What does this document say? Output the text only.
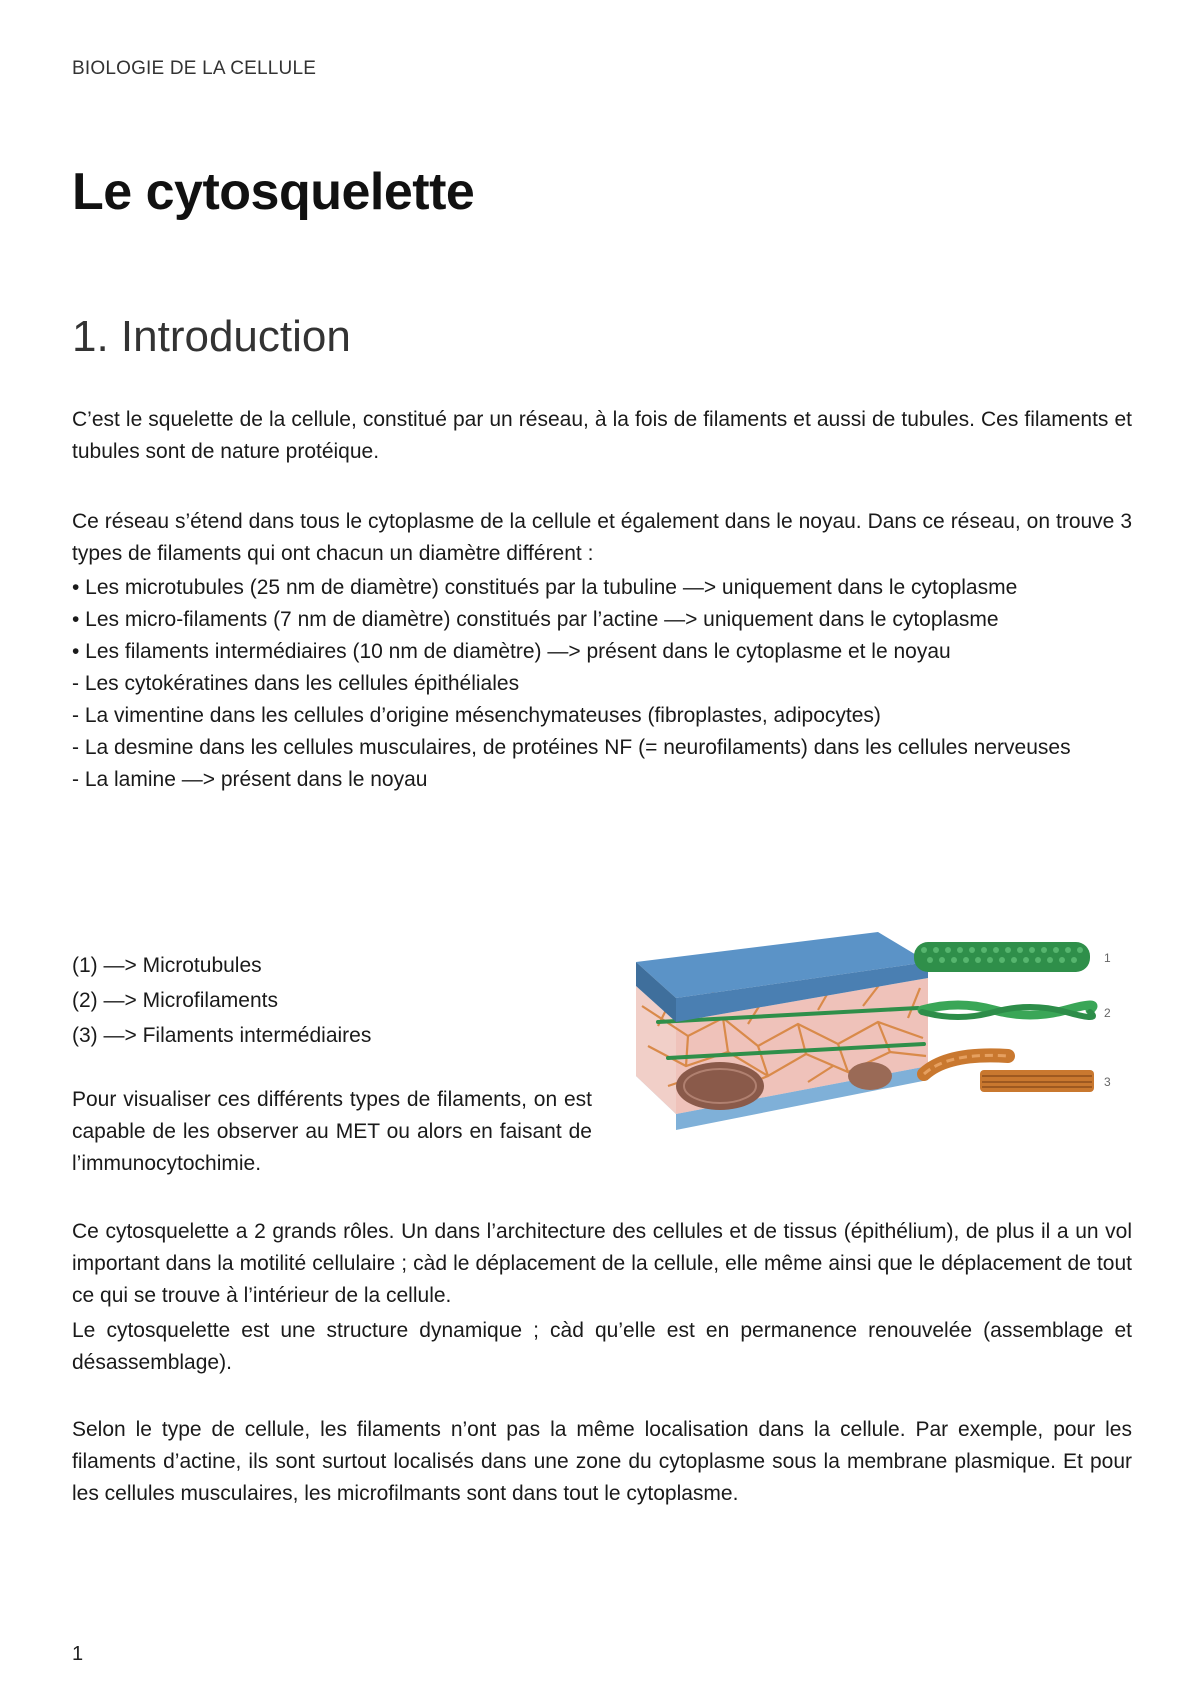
BIOLOGIE DE LA CELLULE
Le cytosquelette
1. Introduction

C’est le squelette de la cellule, constitué par un réseau, à la fois de filaments et aussi de tubules. Ces filaments et tubules sont de nature protéique.

Ce réseau s’étend dans tous le cytoplasme de la cellule et également dans le noyau. Dans ce réseau, on trouve 3 types de filaments qui ont chacun un diamètre différent :

• Les microtubules (25 nm de diamètre) constitués par la tubuline —> uniquement dans le cytoplasme
• Les micro-filaments (7 nm de diamètre) constitués par l’actine —> uniquement dans le cytoplasme
• Les filaments intermédiaires (10 nm de diamètre) —> présent dans le cytoplasme et le noyau
- Les cytokératines dans les cellules épithéliales
- La vimentine dans les cellules d’origine mésenchymateuses (fibroplastes, adipocytes)
- La desmine dans les cellules musculaires, de protéines NF (= neurofilaments) dans les cellules nerveuses
- La lamine —> présent dans le noyau
(1) —> Microtubules
(2) —> Microfilaments
(3) —> Filaments intermédiaires

Pour visualiser ces différents types de filaments, on est capable de les observer au MET ou alors en faisant de l’immunocytochimie.

1
2
3

Ce cytosquelette a 2 grands rôles. Un dans l’architecture des cellules et de tissus (épithélium), de plus il a un vol important dans la motilité cellulaire ; càd le déplacement de la cellule, elle même ainsi que le déplacement de tout ce qui se trouve à l’intérieur de la cellule.

Le cytosquelette est une structure dynamique ; càd qu’elle est en permanence renouvelée (assemblage et désassemblage).

Selon le type de cellule, les filaments n’ont pas la même localisation dans la cellule. Par exemple, pour les filaments d’actine, ils sont surtout localisés dans une zone du cytoplasme sous la membrane plasmique. Et pour les cellules musculaires, les microfilmants sont dans tout le cytoplasme.

1
